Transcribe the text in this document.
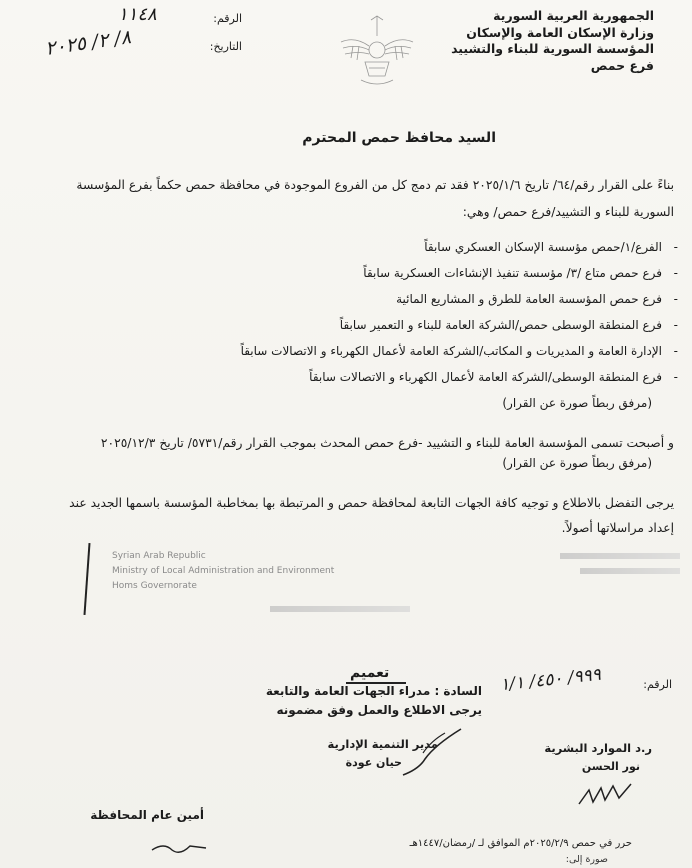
الجمهورية العربية السورية
وزارة الإسكان العامة والإسكان
المؤسسة السورية للبناء والتشييد
فرع حمص
الرقم:
١١٤٨
التاريخ:
٨/ ٢/ ٢٠٢٥
السيد محافظ حمص المحترم
بناءً على القرار رقم/٦٤/ تاريخ ٢٠٢٥/١/٦ فقد تم دمج كل من الفروع الموجودة في محافظة حمص حكماً بفرع المؤسسة
السورية للبناء و التشييد/فرع حمص/ وهي:
الفرع/١/حمص مؤسسة الإسكان العسكري سابقاً -
فرع حمص متاع /٣/ مؤسسة تنفيذ الإنشاءات العسكرية سابقاً -
فرع حمص المؤسسة العامة للطرق و المشاريع المائية -
فرع المنطقة الوسطى حمص/الشركة العامة للبناء و التعمير سابقاً -
الإدارة العامة و المديريات و المكاتب/الشركة العامة لأعمال الكهرباء و الاتصالات سابقاً -
فرع المنطقة الوسطى/الشركة العامة لأعمال الكهرباء و الاتصالات سابقاً -
(مرفق ربطاً صورة عن القرار)
و أصبحت تسمى المؤسسة العامة للبناء و التشييد -فرع حمص المحدث بموجب القرار رقم/٥٧٣١/ تاريخ ٢٠٢٥/١٢/٣
(مرفق ربطاً صورة عن القرار)
يرجى التفضل بالاطلاع و توجيه كافة الجهات التابعة لمحافظة حمص و المرتبطة بها بمخاطبة المؤسسة باسمها الجديد عند
إعداد مراسلاتها أصولاً.
Syrian Arab Republic
Ministry of Local Administration and Environment
Homs Governorate
الرقم:
٩٩٩/ ٤٥٠/ ١/١
تعميم
السادة : مدراء الجهات العامة والتابعة
يرجى الاطلاع والعمل وفق مضمونه
ر.د الموارد البشرية
نور الحسن
مدير التنمية الإدارية
حيان عودة
أمين عام المحافظة
حرر في حمص ٢٠٢٥/٢/٩م الموافق لـ /رمضان/١٤٤٧هـ
صورة إلى:
